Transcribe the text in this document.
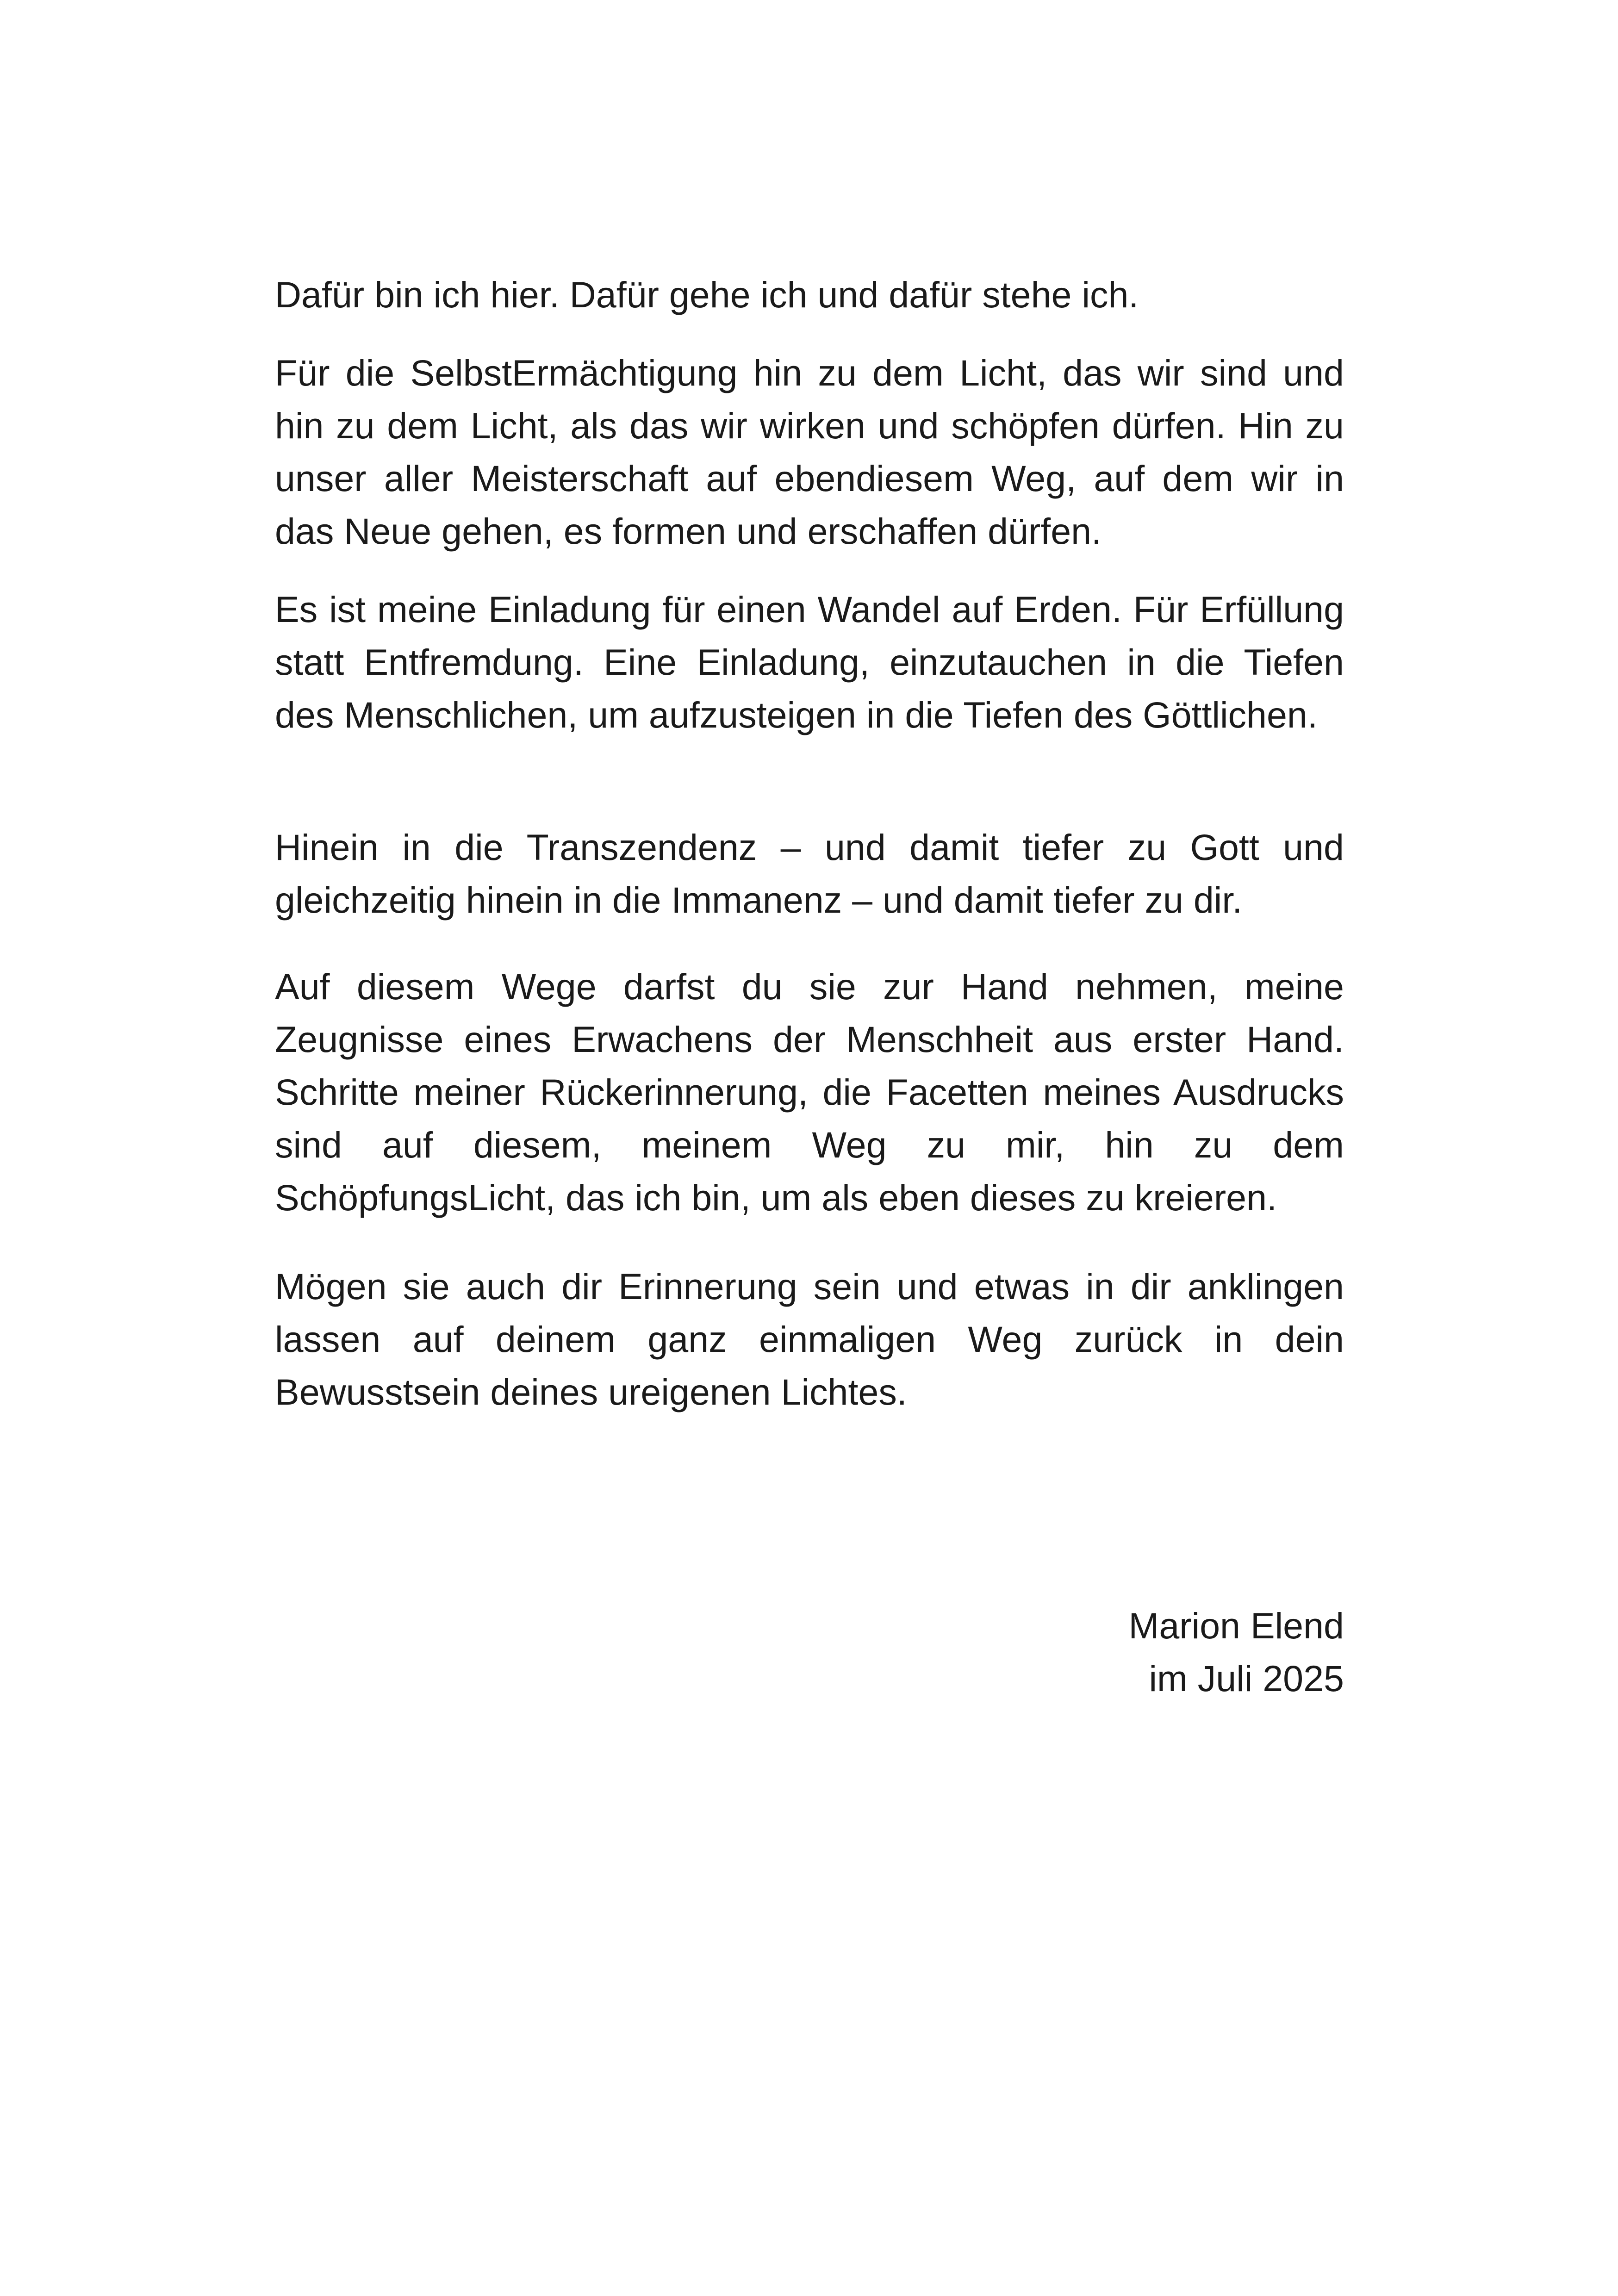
Dafür bin ich hier. Dafür gehe ich und dafür stehe ich.

Für die SelbstErmächtigung hin zu dem Licht, das wir sind und hin zu dem Licht, als das wir wirken und schöpfen dürfen. Hin zu unser aller Meisterschaft auf ebendiesem Weg, auf dem wir in das Neue gehen, es formen und erschaffen dürfen.

Es ist meine Einladung für einen Wandel auf Erden. Für Erfüllung statt Entfremdung. Eine Einladung, einzutauchen in die Tiefen des Menschlichen, um aufzusteigen in die Tiefen des Göttlichen.

Hinein in die Transzendenz – und damit tiefer zu Gott und gleichzeitig hinein in die Immanenz – und damit tiefer zu dir.

Auf diesem Wege darfst du sie zur Hand nehmen, meine Zeugnisse eines Erwachens der Menschheit aus erster Hand. Schritte meiner Rückerinnerung, die Facetten meines Ausdrucks sind auf diesem, meinem Weg zu mir, hin zu dem SchöpfungsLicht, das ich bin, um als eben dieses zu kreieren.

Mögen sie auch dir Erinnerung sein und etwas in dir anklingen lassen auf deinem ganz einmaligen Weg zurück in dein Bewusstsein deines ureigenen Lichtes.

Marion Elend
im Juli 2025
